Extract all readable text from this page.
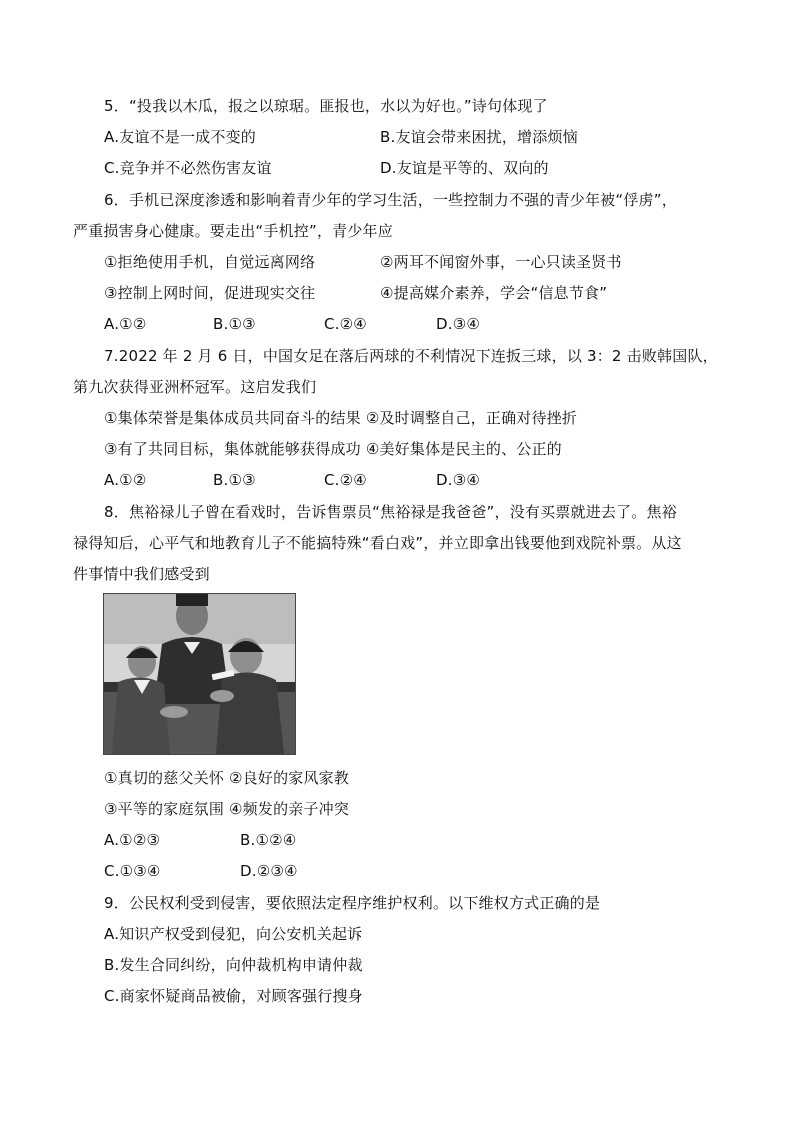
5．“投我以木瓜，报之以琼琚。匪报也，水以为好也。”诗句体现了
A.友谊不是一成不变的	B.友谊会带来困扰，增添烦恼
C.竞争并不必然伤害友谊	D.友谊是平等的、双向的
6．手机已深度渗透和影响着青少年的学习生活，一些控制力不强的青少年被“俘虏”，
严重损害身心健康。要走出“手机控”，青少年应
①拒绝使用手机，自觉远离网络	②两耳不闻窗外事，一心只读圣贤书
③控制上网时间，促进现实交往	④提高媒介素养，学会“信息节食”
A.①②	B.①③	C.②④	D.③④
7.2022 年 2 月 6 日，中国女足在落后两球的不利情况下连扳三球，以 3：2 击败韩国队，
第九次获得亚洲杯冠军。这启发我们
①集体荣誉是集体成员共同奋斗的结果 ②及时调整自己，正确对待挫折
③有了共同目标，集体就能够获得成功 ④美好集体是民主的、公正的
A.①②	B.①③	C.②④	D.③④
8．焦裕禄儿子曾在看戏时，告诉售票员“焦裕禄是我爸爸”，没有买票就进去了。焦裕
禄得知后，心平气和地教育儿子不能搞特殊“看白戏”，并立即拿出钱要他到戏院补票。从这
件事情中我们感受到
①真切的慈父关怀 ②良好的家风家教
③平等的家庭氛围 ④频发的亲子冲突
A.①②③	B.①②④
C.①③④	D.②③④
9．公民权利受到侵害，要依照法定程序维护权利。以下维权方式正确的是
A.知识产权受到侵犯，向公安机关起诉
B.发生合同纠纷，向仲裁机构申请仲裁
C.商家怀疑商品被偷，对顾客强行搜身
